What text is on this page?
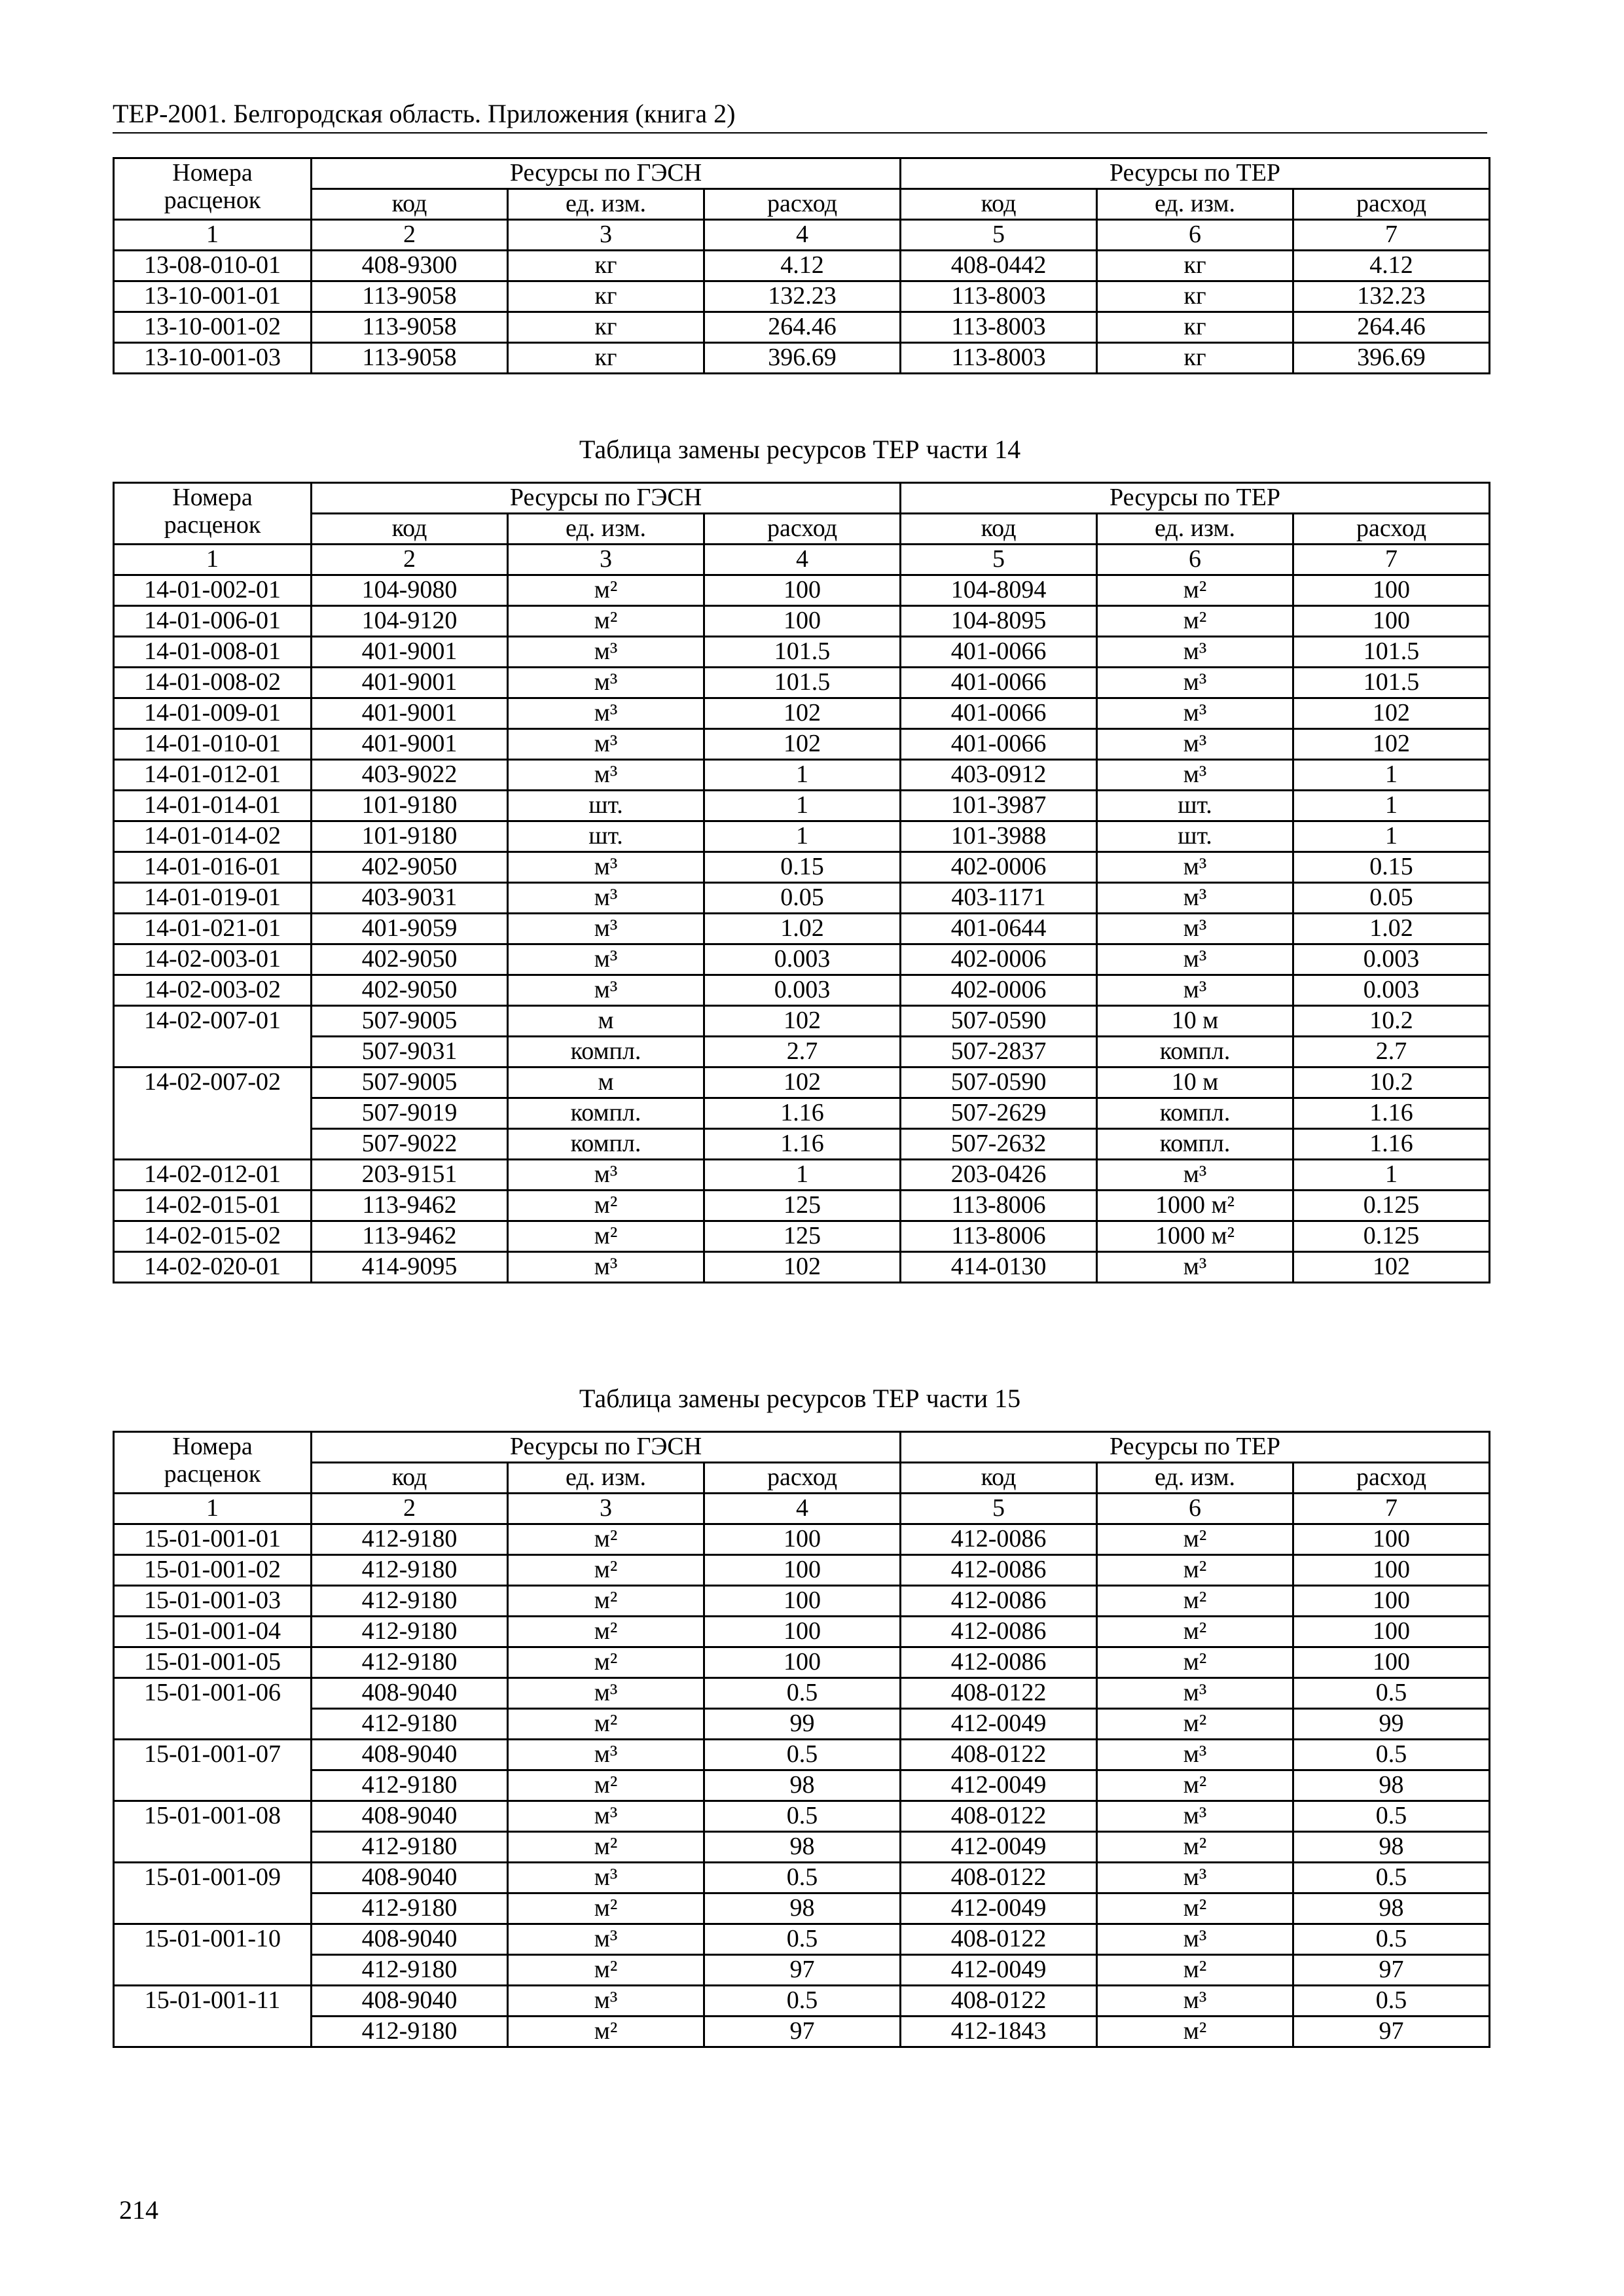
ТЕР-2001. Белгородская область. Приложения (книга 2)
Номера
расценок	Ресурсы по ГЭСН			Ресурсы по ТЕР		
	код	ед. изм.	расход	код	ед. изм.	расход
1	2	3	4	5	6	7
13-08-010-01	408-9300	кг	4.12	408-0442	кг	4.12
13-10-001-01	113-9058	кг	132.23	113-8003	кг	132.23
13-10-001-02	113-9058	кг	264.46	113-8003	кг	264.46
13-10-001-03	113-9058	кг	396.69	113-8003	кг	396.69
Таблица замены ресурсов ТЕР части 14
Номера
расценок	Ресурсы по ГЭСН			Ресурсы по ТЕР		
	код	ед. изм.	расход	код	ед. изм.	расход
1	2	3	4	5	6	7
14-01-002-01	104-9080	м²	100	104-8094	м²	100
14-01-006-01	104-9120	м²	100	104-8095	м²	100
14-01-008-01	401-9001	м³	101.5	401-0066	м³	101.5
14-01-008-02	401-9001	м³	101.5	401-0066	м³	101.5
14-01-009-01	401-9001	м³	102	401-0066	м³	102
14-01-010-01	401-9001	м³	102	401-0066	м³	102
14-01-012-01	403-9022	м³	1	403-0912	м³	1
14-01-014-01	101-9180	шт.	1	101-3987	шт.	1
14-01-014-02	101-9180	шт.	1	101-3988	шт.	1
14-01-016-01	402-9050	м³	0.15	402-0006	м³	0.15
14-01-019-01	403-9031	м³	0.05	403-1171	м³	0.05
14-01-021-01	401-9059	м³	1.02	401-0644	м³	1.02
14-02-003-01	402-9050	м³	0.003	402-0006	м³	0.003
14-02-003-02	402-9050	м³	0.003	402-0006	м³	0.003
14-02-007-01	507-9005	м	102	507-0590	10 м	10.2
	507-9031	компл.	2.7	507-2837	компл.	2.7
14-02-007-02	507-9005	м	102	507-0590	10 м	10.2
	507-9019	компл.	1.16	507-2629	компл.	1.16
	507-9022	компл.	1.16	507-2632	компл.	1.16
14-02-012-01	203-9151	м³	1	203-0426	м³	1
14-02-015-01	113-9462	м²	125	113-8006	1000 м²	0.125
14-02-015-02	113-9462	м²	125	113-8006	1000 м²	0.125
14-02-020-01	414-9095	м³	102	414-0130	м³	102
Таблица замены ресурсов ТЕР части 15
Номера
расценок	Ресурсы по ГЭСН			Ресурсы по ТЕР		
	код	ед. изм.	расход	код	ед. изм.	расход
1	2	3	4	5	6	7
15-01-001-01	412-9180	м²	100	412-0086	м²	100
15-01-001-02	412-9180	м²	100	412-0086	м²	100
15-01-001-03	412-9180	м²	100	412-0086	м²	100
15-01-001-04	412-9180	м²	100	412-0086	м²	100
15-01-001-05	412-9180	м²	100	412-0086	м²	100
15-01-001-06	408-9040	м³	0.5	408-0122	м³	0.5
	412-9180	м²	99	412-0049	м²	99
15-01-001-07	408-9040	м³	0.5	408-0122	м³	0.5
	412-9180	м²	98	412-0049	м²	98
15-01-001-08	408-9040	м³	0.5	408-0122	м³	0.5
	412-9180	м²	98	412-0049	м²	98
15-01-001-09	408-9040	м³	0.5	408-0122	м³	0.5
	412-9180	м²	98	412-0049	м²	98
15-01-001-10	408-9040	м³	0.5	408-0122	м³	0.5
	412-9180	м²	97	412-0049	м²	97
15-01-001-11	408-9040	м³	0.5	408-0122	м³	0.5
	412-9180	м²	97	412-1843	м²	97
214
